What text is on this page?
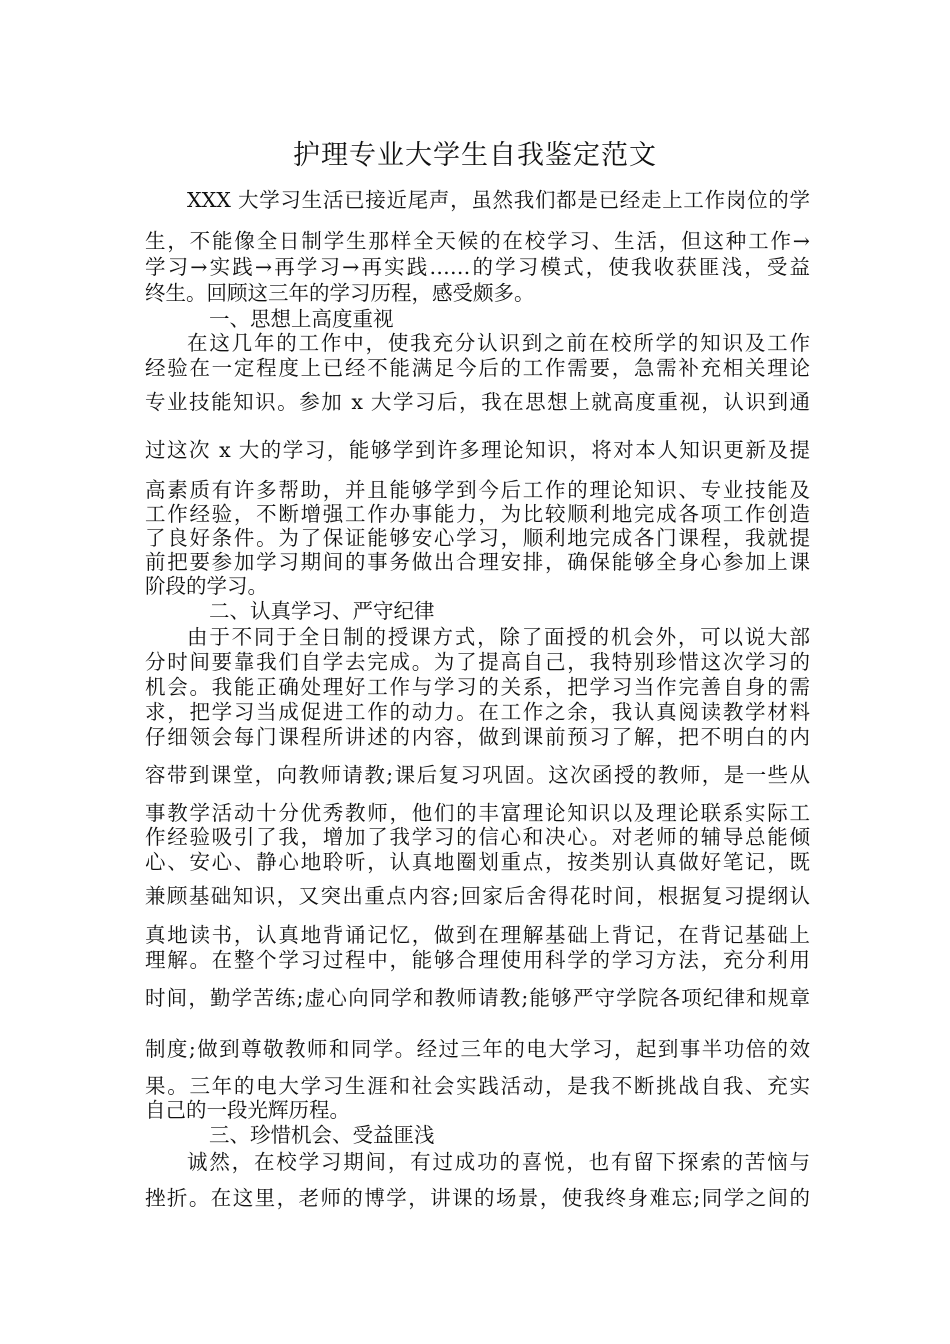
护理专业大学生自我鉴定范文
XXX 大学习生活已接近尾声，虽然我们都是已经走上工作岗位的学
生，不能像全日制学生那样全天候的在校学习、生活，但这种工作→
学习→实践→再学习→再实践……的学习模式，使我收获匪浅，受益
终生。回顾这三年的学习历程，感受颇多。
一、思想上高度重视
在这几年的工作中，使我充分认识到之前在校所学的知识及工作
经验在一定程度上已经不能满足今后的工作需要，急需补充相关理论
专业技能知识。参加 x 大学习后，我在思想上就高度重视，认识到通
过这次 x 大的学习，能够学到许多理论知识，将对本人知识更新及提
高素质有许多帮助，并且能够学到今后工作的理论知识、专业技能及
工作经验，不断增强工作办事能力，为比较顺利地完成各项工作创造
了良好条件。为了保证能够安心学习，顺利地完成各门课程，我就提
前把要参加学习期间的事务做出合理安排，确保能够全身心参加上课
阶段的学习。
二、认真学习、严守纪律
由于不同于全日制的授课方式，除了面授的机会外，可以说大部
分时间要靠我们自学去完成。为了提高自己，我特别珍惜这次学习的
机会。我能正确处理好工作与学习的关系，把学习当作完善自身的需
求，把学习当成促进工作的动力。在工作之余，我认真阅读教学材料
仔细领会每门课程所讲述的内容，做到课前预习了解，把不明白的内
容带到课堂，向教师请教;课后复习巩固。这次函授的教师，是一些从
事教学活动十分优秀教师，他们的丰富理论知识以及理论联系实际工
作经验吸引了我，增加了我学习的信心和决心。对老师的辅导总能倾
心、安心、静心地聆听，认真地圈划重点，按类别认真做好笔记，既
兼顾基础知识，又突出重点内容;回家后舍得花时间，根据复习提纲认
真地读书，认真地背诵记忆，做到在理解基础上背记，在背记基础上
理解。在整个学习过程中，能够合理使用科学的学习方法，充分利用
时间，勤学苦练;虚心向同学和教师请教;能够严守学院各项纪律和规章
制度;做到尊敬教师和同学。经过三年的电大学习，起到事半功倍的效
果。三年的电大学习生涯和社会实践活动，是我不断挑战自我、充实
自己的一段光辉历程。
三、珍惜机会、受益匪浅
诚然，在校学习期间，有过成功的喜悦，也有留下探索的苦恼与
挫折。在这里，老师的博学，讲课的场景，使我终身难忘;同学之间的
